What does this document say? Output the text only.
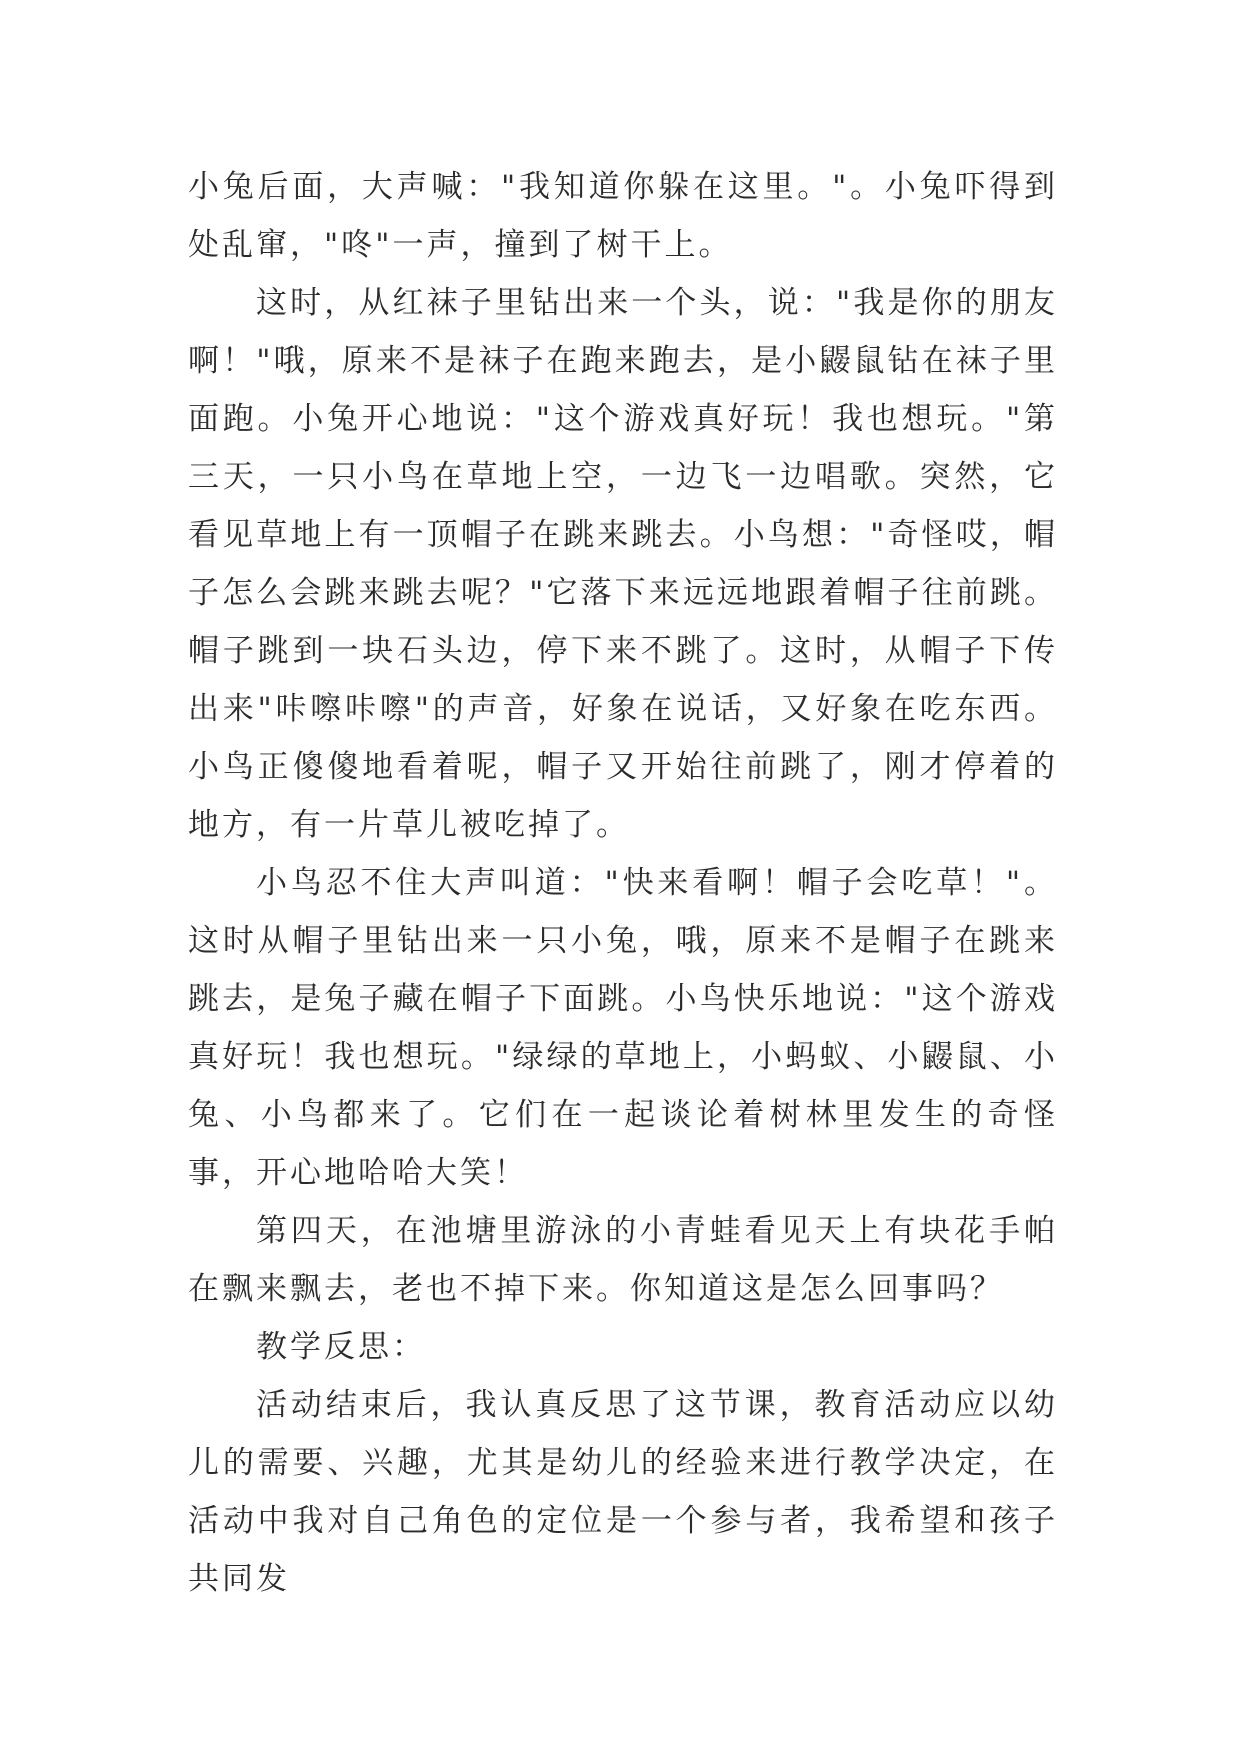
小兔后面，大声喊："我知道你躲在这里。"。小兔吓得到处乱窜，"咚"一声，撞到了树干上。

这时，从红袜子里钻出来一个头，说："我是你的朋友啊！"哦，原来不是袜子在跑来跑去，是小鼹鼠钻在袜子里面跑。小兔开心地说："这个游戏真好玩！我也想玩。"第三天，一只小鸟在草地上空，一边飞一边唱歌。突然，它看见草地上有一顶帽子在跳来跳去。小鸟想："奇怪哎，帽子怎么会跳来跳去呢？"它落下来远远地跟着帽子往前跳。帽子跳到一块石头边，停下来不跳了。这时，从帽子下传出来"咔嚓咔嚓"的声音，好象在说话，又好象在吃东西。小鸟正傻傻地看着呢，帽子又开始往前跳了，刚才停着的地方，有一片草儿被吃掉了。

小鸟忍不住大声叫道："快来看啊！帽子会吃草！"。这时从帽子里钻出来一只小兔，哦，原来不是帽子在跳来跳去，是兔子藏在帽子下面跳。小鸟快乐地说："这个游戏真好玩！我也想玩。"绿绿的草地上，小蚂蚁、小鼹鼠、小兔、小鸟都来了。它们在一起谈论着树林里发生的奇怪事，开心地哈哈大笑！

第四天，在池塘里游泳的小青蛙看见天上有块花手帕在飘来飘去，老也不掉下来。你知道这是怎么回事吗？

教学反思：

活动结束后，我认真反思了这节课，教育活动应以幼儿的需要、兴趣，尤其是幼儿的经验来进行教学决定，在活动中我对自己角色的定位是一个参与者，我希望和孩子共同发
